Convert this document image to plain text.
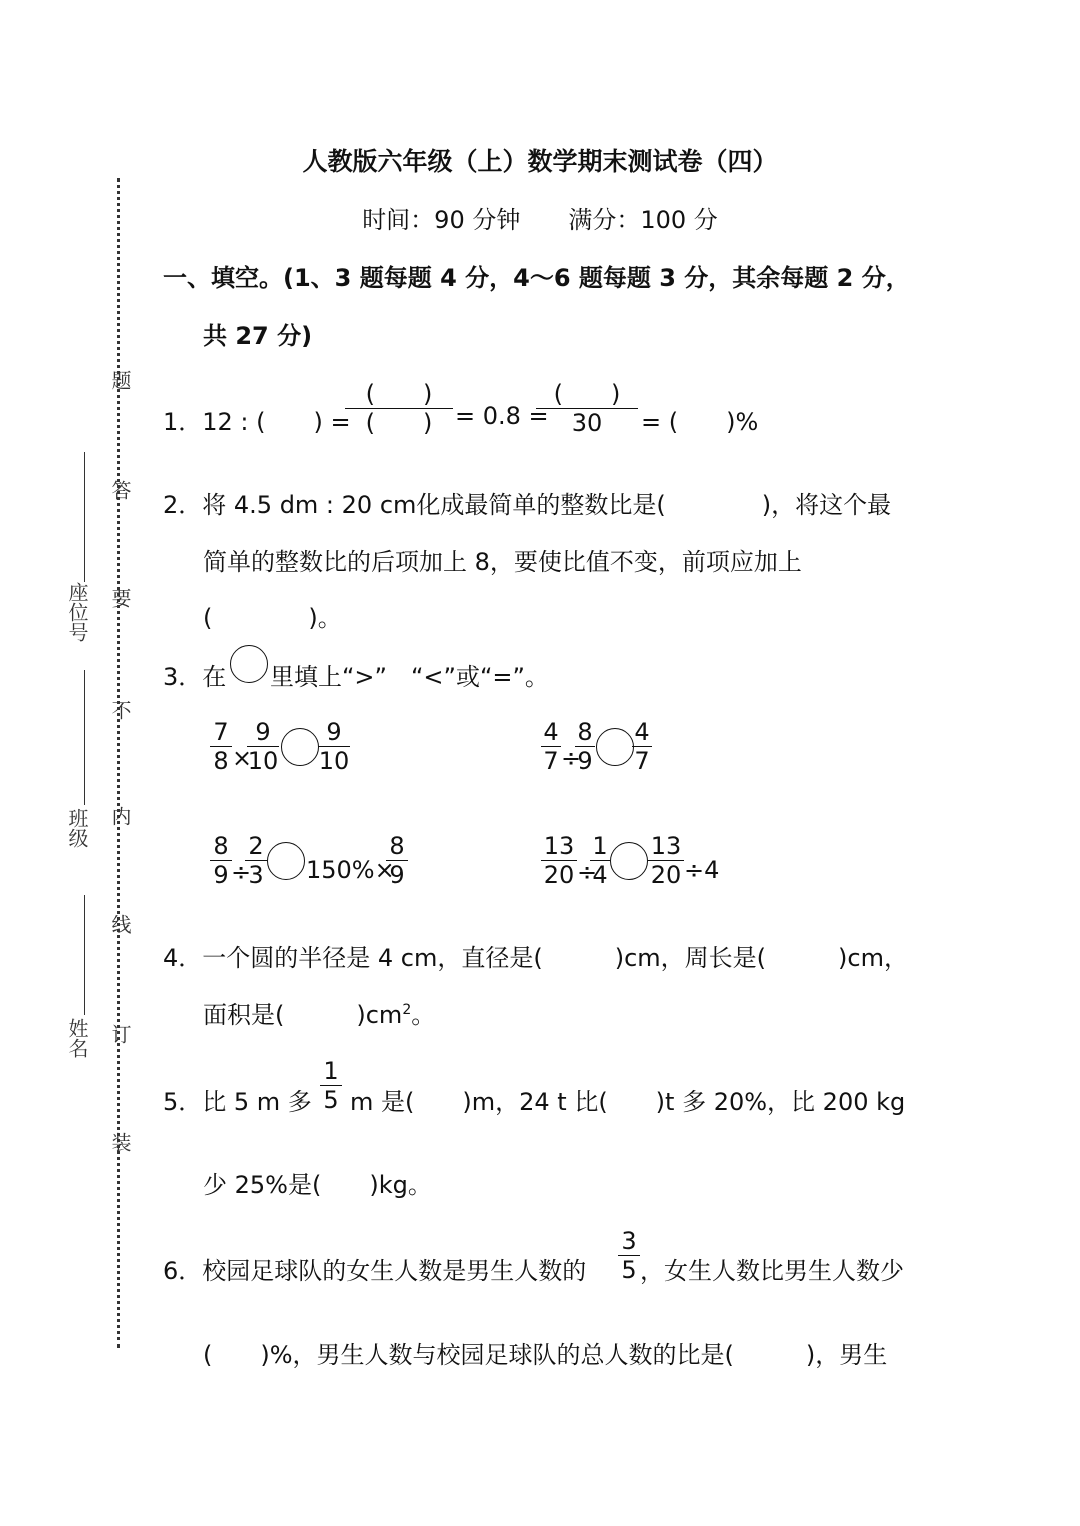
题
答
要
不
内
线
订
装
座位号
班级
姓名
人教版六年级（上）数学期末测试卷（四）
时间：90 分钟　　满分：100 分
一、填空。(1、3 题每题 4 分，4～6 题每题 3 分，其余每题 2 分，
共 27 分)
1．12 : (　　) =
(　　)
(　　) = 0.8 =
(　　)
30	= (　　)%
2．将 4.5 dm : 20 cm化成最简单的整数比是(　　　　)，将这个最
简单的整数比的后项加上 8，要使比值不变，前项应加上
(　　　　)。
3．在 里填上“>”　“<”或“=”。
$\frac{7}{8}$ ×
$\frac{9}{10} \frac{9}{10}$	$\frac{4}{7}$ ÷
$\frac{8}{9} \frac{4}{7}$
$\frac{8}{9}$ ÷
$\frac{2}{3} 150\%\times$
$\frac{8}{9}$	$\frac{13}{20}$ ÷
$\frac{1}{4} \frac{13}{20} \div 4$
4．一个圆的半径是 4 cm，直径是(　　　)cm，周长是(　　　)cm，
面积是(　　　)$cm^2$。
5．比 5 m 多 $\frac{1}{5}$ m 是(　　)m，24 t 比(　　)t 多 20%，比 200 kg
少 25%是(　　)kg。
6．校园足球队的女生人数是男生人数的 $\frac{3}{5}$ ，女生人数比男生人数少
(　　)%，男生人数与校园足球队的总人数的比是(　　　)，男生
